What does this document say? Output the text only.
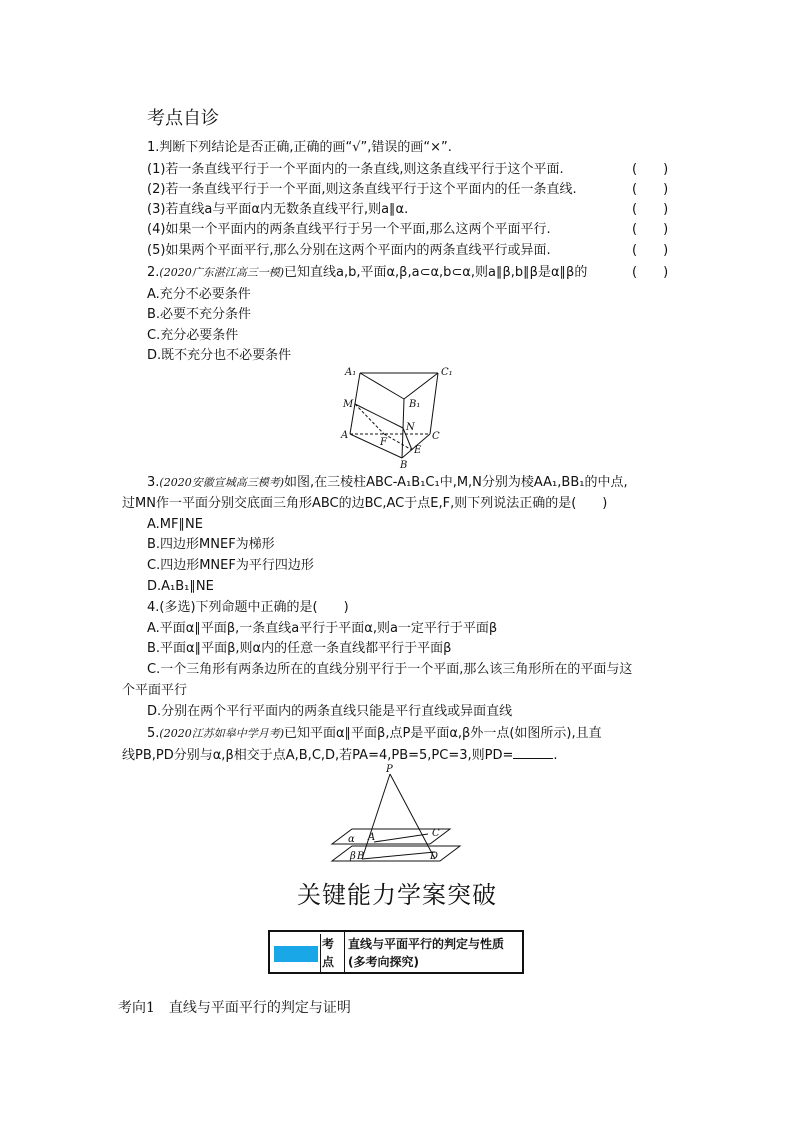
考点自诊
1.判断下列结论是否正确,正确的画“√”,错误的画“×”.
(1)若一条直线平行于一个平面内的一条直线,则这条直线平行于这个平面.	(　　)
(2)若一条直线平行于一个平面,则这条直线平行于这个平面内的任一条直线.	(　　)
(3)若直线a与平面α内无数条直线平行,则a∥α.	(　　)
(4)如果一个平面内的两条直线平行于另一个平面,那么这两个平面平行.	(　　)
(5)如果两个平面平行,那么分别在这两个平面内的两条直线平行或异面.	(　　)
2.(2020广东湛江高三一模)已知直线a,b,平面α,β,a⊂α,b⊂α,则a∥β,b∥β是α∥β的	(　　)
A.充分不必要条件
B.必要不充分条件
C.充分必要条件
D.既不充分也不必要条件
A₁	C₁
B₁
M
N
A	C
F
E
B
3.(2020安徽宣城高三模考)如图,在三棱柱ABC-A₁B₁C₁中,M,N分别为棱AA₁,BB₁的中点,
过MN作一平面分别交底面三角形ABC的边BC,AC于点E,F,则下列说法正确的是(　　)
A.MF∥NE
B.四边形MNEF为梯形
C.四边形MNEF为平行四边形
D.A₁B₁∥NE
4.(多选)下列命题中正确的是(　　)
A.平面α∥平面β,一条直线a平行于平面α,则a一定平行于平面β
B.平面α∥平面β,则α内的任意一条直线都平行于平面β
C.一个三角形有两条边所在的直线分别平行于一个平面,那么该三角形所在的平面与这
个平面平行
D.分别在两个平行平面内的两条直线只能是平行直线或异面直线
5.(2020江苏如皋中学月考)已知平面α∥平面β,点P是平面α,β外一点(如图所示),且直
线PB,PD分别与α,β相交于点A,B,C,D,若PA=4,PB=5,PC=3,则PD=	.
P
α A	C
β B	D
关键能力学案突破
考点
直线与平面平行的判定与性质(多考向探究)
考向1　直线与平面平行的判定与证明
